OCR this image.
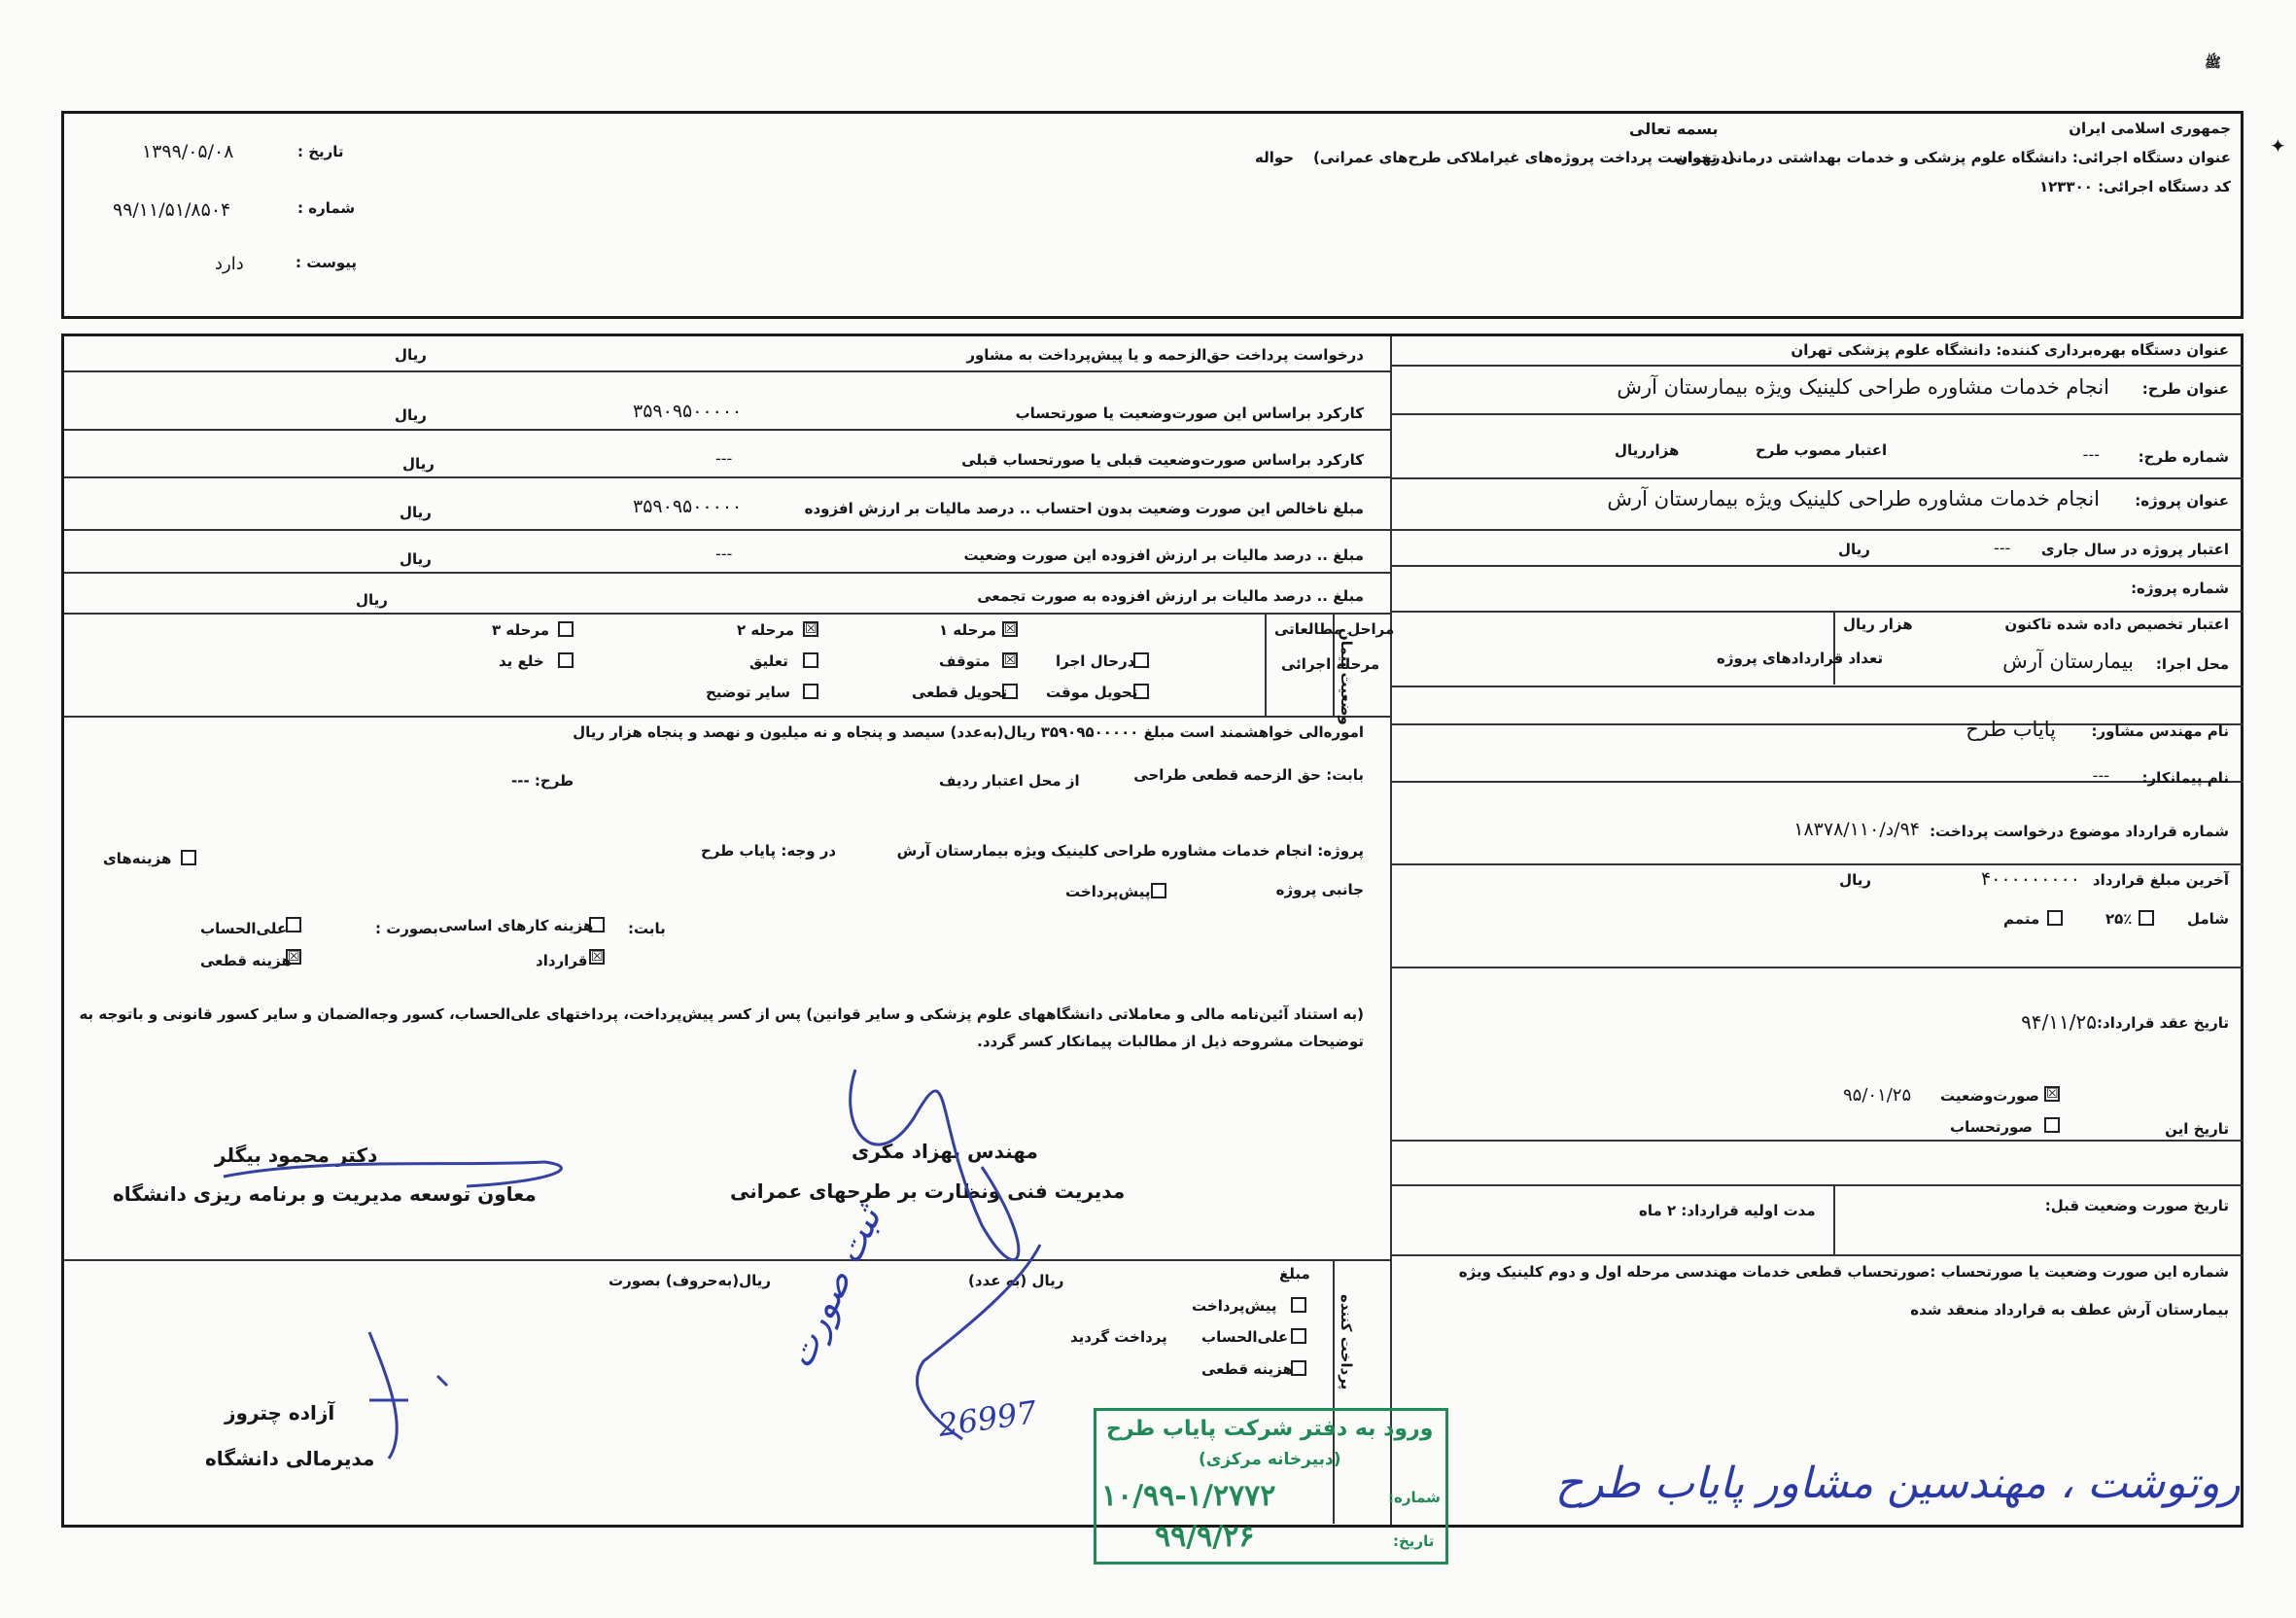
ﷺ
✦
جمهوری اسلامی ایران
بسمه تعالی
عنوان دستگاه اجرائی: دانشگاه علوم پزشکی و خدمات بهداشتی درمانی تهران
حواله (درخواست پرداخت پروژه‌های غیراملاکی طرح‌های عمرانی)
کد دستگاه اجرائی: ۱۲۳۳۰۰
تاریخ :
۱۳۹۹/۰۵/۰۸
شماره :
۹۹/۱۱/۵۱/۸۵۰۴
پیوست :
دارد
عنوان دستگاه بهره‌برداری کننده: دانشگاه علوم پزشکی تهران
عنوان طرح:
انجام خدمات مشاوره طراحی کلینیک ویژه بیمارستان آرش
شماره طرح:
---
اعتبار مصوب طرح
هزارریال
عنوان پروژه:
انجام خدمات مشاوره طراحی کلینیک ویژه بیمارستان آرش
اعتبار پروژه در سال جاری
---
ریال
شماره پروژه:
اعتبار تخصیص داده شده تاکنون
هزار ریال
تعداد قراردادهای پروژه	محل اجرا:
بیمارستان آرش
نام مهندس مشاور:
پایاب طرح
نام پیمانکار:
---
شماره قرارداد موضوع درخواست پرداخت:
۹۴/د/۱۸۳۷۸/۱۱۰
آخرین مبلغ قرارداد
۴۰۰۰۰۰۰۰۰۰
ریال
شامل
۲۵٪
متمم
تاریخ عقد قرارداد:
۹۴/۱۱/۲۵
☒
صورت‌وضعیت
۹۵/۰۱/۲۵
صورتحساب	تاریخ این
تاریخ صورت وضعیت قبل:
مدت اولیه قرارداد: ۲ ماه
شماره این صورت وضعیت یا صورتحساب :صورتحساب قطعی خدمات مهندسی مرحله اول و دوم کلینیک ویژه
بیمارستان آرش عطف به قرارداد منعقد شده
درخواست پرداخت حق‌الزحمه و یا پیش‌پرداخت به مشاور
ریال
کارکرد براساس این صورت‌وضعیت یا صورتحساب
۳۵۹۰۹۵۰۰۰۰۰
ریال
کارکرد براساس صورت‌وضعیت قبلی یا صورتحساب قبلی
---
ریال
مبلغ ناخالص این صورت وضعیت بدون احتساب .. درصد مالیات بر ارزش افزوده
۳۵۹۰۹۵۰۰۰۰۰
ریال
مبلغ .. درصد مالیات بر ارزش افزوده این صورت وضعیت
---
ریال
مبلغ .. درصد مالیات بر ارزش افزوده به صورت تجمعی
ریال
وضعیت پیمان
مراحل مطالعاتی
مرحله اجرائی
☒
مرحله ۱
☒
مرحله ۲
مرحله ۳
درحال اجرا
☒
متوقف
تعلیق
خلع ید
تحویل موقت
تحویل قطعی
سایر توضیح
اموره‌الی خواهشمند است مبلغ ۳۵۹۰۹۵۰۰۰۰۰ ریال(به‌عدد) سیصد و پنجاه و نه میلیون و نهصد و پنجاه هزار ریال
بابت: حق الزحمه قطعی طراحی
از محل اعتبار ردیف
طرح: ---
پروژه: انجام خدمات مشاوره طراحی کلینیک ویژه بیمارستان آرش
در وجه: پایاب طرح
هزینه‌های
جانبی پروژه
پیش‌پرداخت
بابت:
هزینه کارهای اساسی
بصورت :
علی‌الحساب
☒
قرارداد
☒
هزینه قطعی
(به استناد آئین‌نامه مالی و معاملاتی دانشگاههای علوم پزشکی و سایر قوانین) پس از کسر پیش‌پرداخت، پرداختهای علی‌الحساب، کسور وجه‌الضمان و سایر کسور قانونی و باتوجه به
توضیحات مشروحه ذیل از مطالبات پیمانکار کسر گردد.
مهندس بهزاد مکری
مدیریت فنی ونظارت بر طرحهای عمرانی
دکتر محمود بیگلر
معاون توسعه مدیریت و برنامه ریزی دانشگاه
پرداخت کننده
مبلغ
ریال (به عدد)
ریال(به‌حروف) بصورت
پیش‌پرداخت
علی‌الحساب
پرداخت گردید
هزینه قطعی
آزاده چتروز
مدیرمالی دانشگاه
ثبت صورت
26997
روتوشت ، مهندسین مشاور پایاب طرح
ورود به دفتر شرکت پایاب طرح
(دبیرخانه مرکزی)
شماره:
۱۰/۹۹-۱/۲۷۷۲
تاریخ:
۹۹/۹/۲۶
